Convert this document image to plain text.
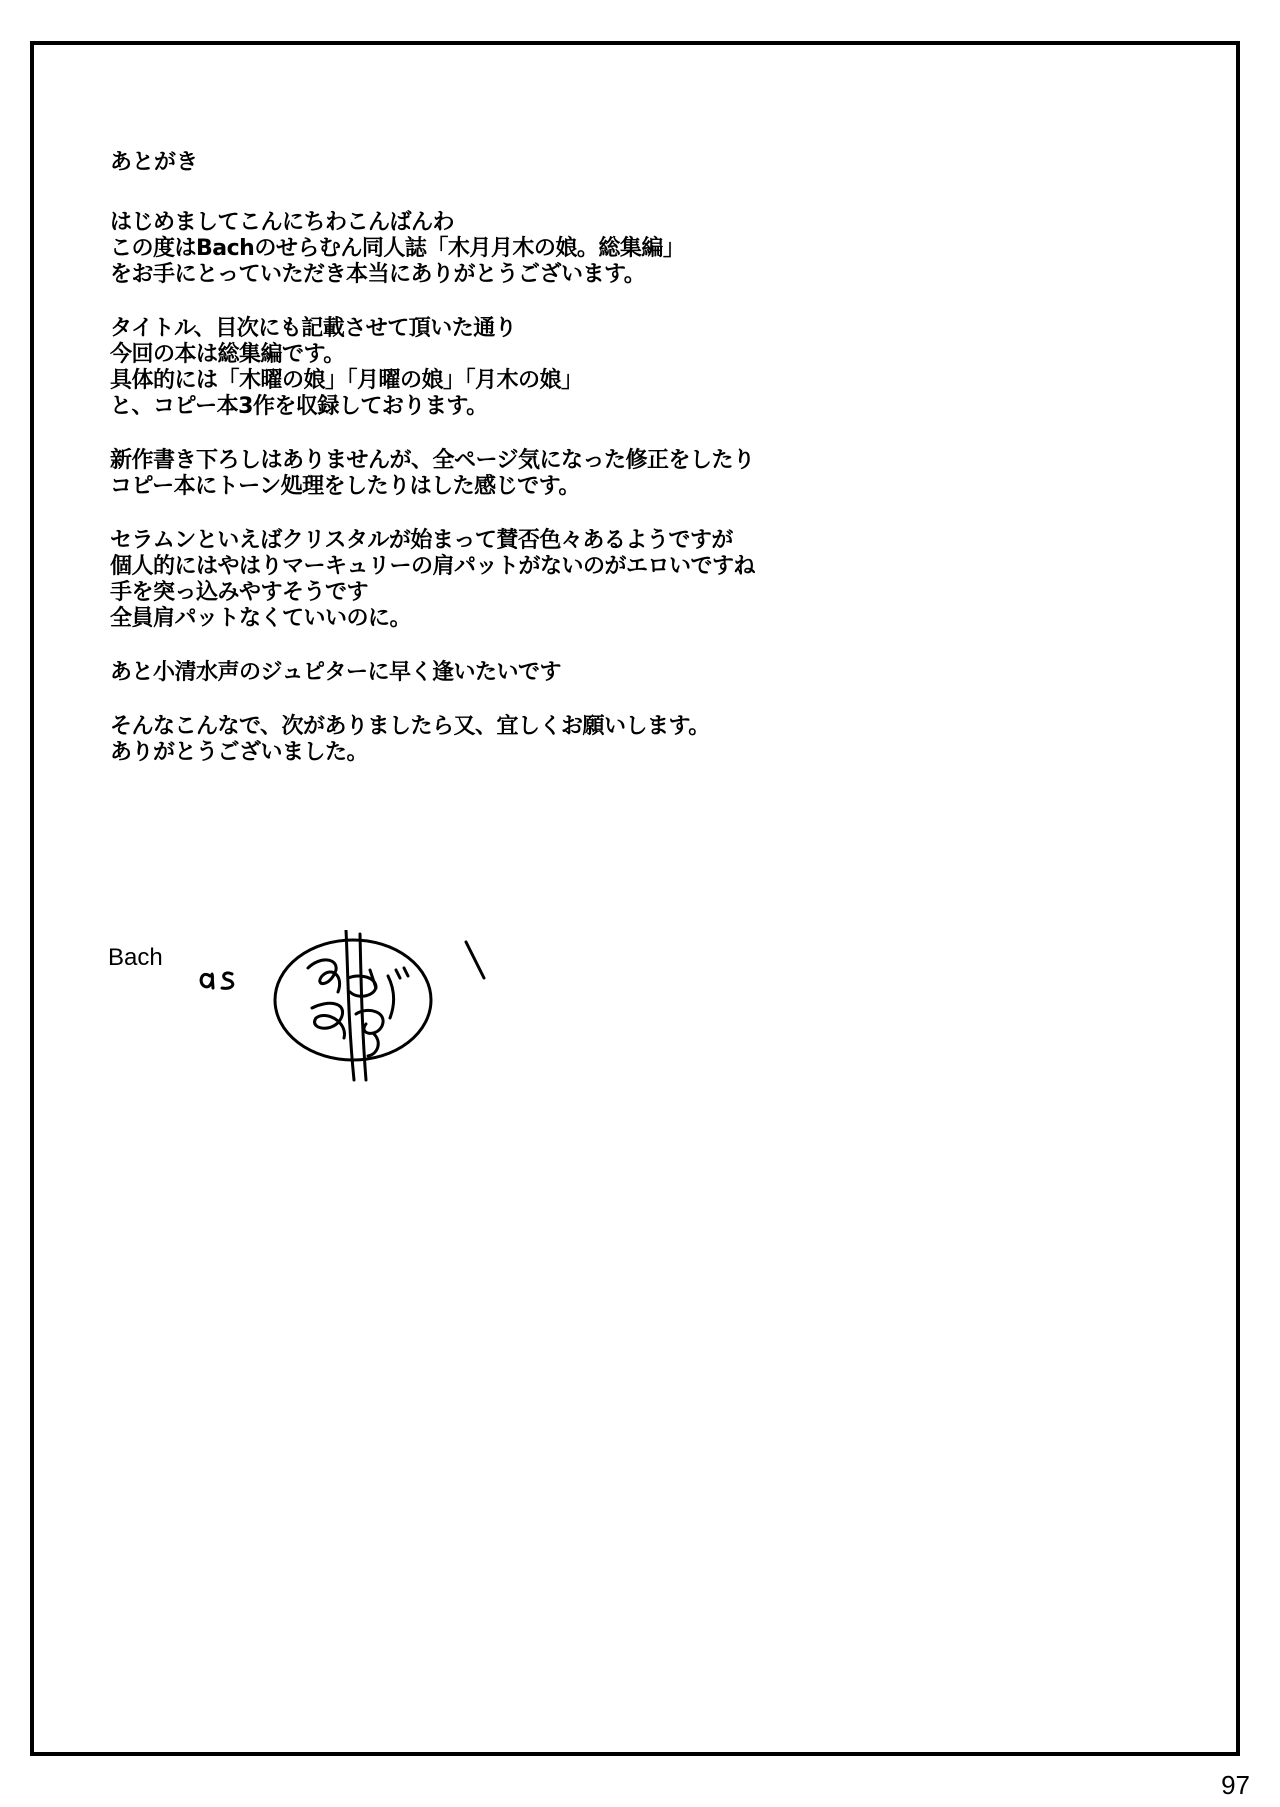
あとがき
はじめましてこんにちわこんばんわ
この度はBachのせらむん同人誌「木月月木の娘。総集編」
をお手にとっていただき本当にありがとうございます。
タイトル、目次にも記載させて頂いた通り
今回の本は総集編です。
具体的には「木曜の娘」「月曜の娘」「月木の娘」
と、コピー本3作を収録しております。
新作書き下ろしはありませんが、全ページ気になった修正をしたり
コピー本にトーン処理をしたりはした感じです。
セラムンといえばクリスタルが始まって賛否色々あるようですが
個人的にはやはりマーキュリーの肩パットがないのがエロいですね
手を突っ込みやすそうです
全員肩パットなくていいのに。
あと小清水声のジュピターに早く逢いたいです
そんなこんなで、次がありましたら又、宜しくお願いします。
ありがとうございました。
Bach
97
